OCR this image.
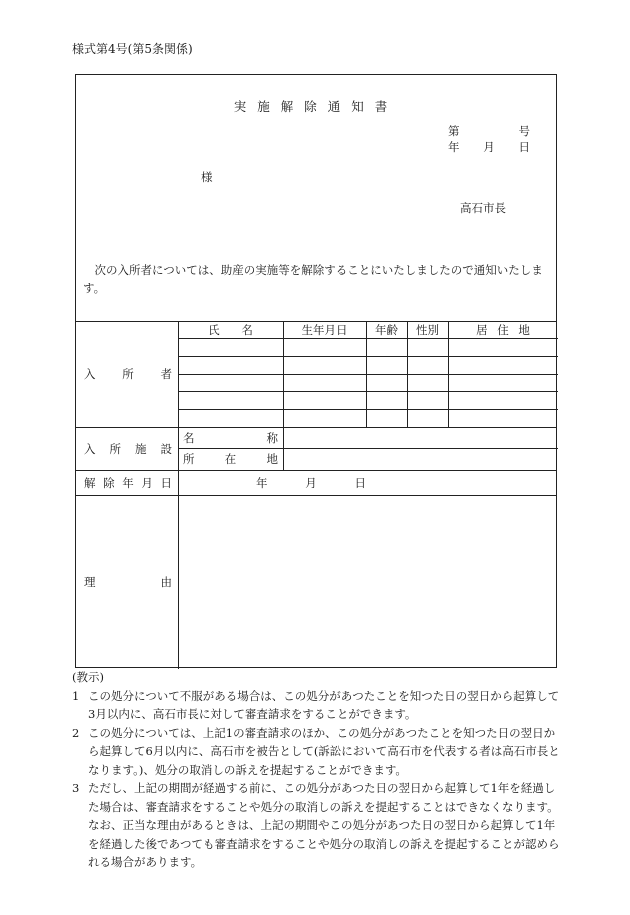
様式第4号(第5条関係)
実施解除通知書
第	号
年 月 日
様
高石市長
次の入所者については、助産の実施等を解除することにいたしましたので通知いたします。
入 所 者
氏 名	生年月日	年齢	性別	居 住 地
入 所 施 設
名	称
所	在	地
解 除 年 月 日	年	月	日
理	由
(教示)
1 この処分について不服がある場合は、この処分があつたことを知つた日の翌日から起算して3月以内に、高石市長に対して審査請求をすることができます。
2 この処分については、上記1の審査請求のほか、この処分があつたことを知つた日の翌日から起算して6月以内に、高石市を被告として(訴訟において高石市を代表する者は高石市長となります。)、処分の取消しの訴えを提起することができます。
3 ただし、上記の期間が経過する前に、この処分があつた日の翌日から起算して1年を経過した場合は、審査請求をすることや処分の取消しの訴えを提起することはできなくなります。なお、正当な理由があるときは、上記の期間やこの処分があつた日の翌日から起算して1年を経過した後であつても審査請求をすることや処分の取消しの訴えを提起することが認められる場合があります。
